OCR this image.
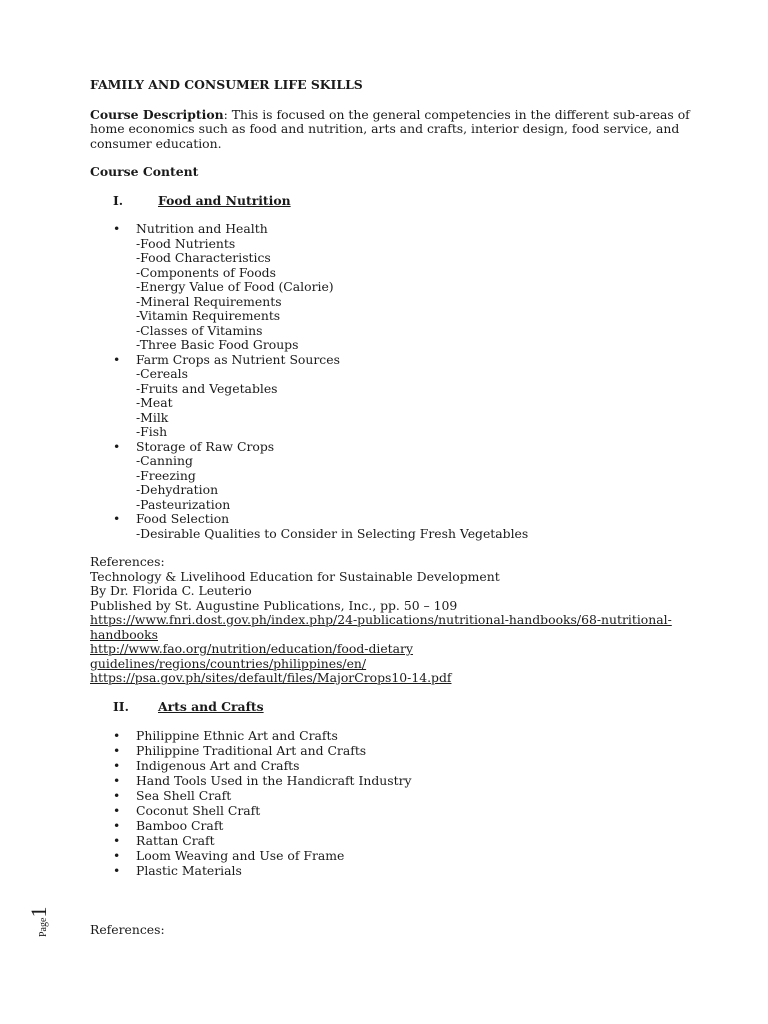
FAMILY AND CONSUMER LIFE SKILLS
Course Description: This is focused on the general competencies in the different sub-areas of home economics such as food and nutrition, arts and crafts, interior design, food service, and consumer education.
Course Content
I.	Food and Nutrition
• Nutrition and Health
-Food Nutrients
-Food Characteristics
-Components of Foods
-Energy Value of Food (Calorie)
-Mineral Requirements
-Vitamin Requirements
-Classes of Vitamins
-Three Basic Food Groups
• Farm Crops as Nutrient Sources
-Cereals
-Fruits and Vegetables
-Meat
-Milk
-Fish
• Storage of Raw Crops
-Canning
-Freezing
-Dehydration
-Pasteurization
• Food Selection
-Desirable Qualities to Consider in Selecting Fresh Vegetables
References:
Technology & Livelihood Education for Sustainable Development
By Dr. Florida C. Leuterio
Published by St. Augustine Publications, Inc., pp. 50 – 109
https://www.fnri.dost.gov.ph/index.php/24-publications/nutritional-handbooks/68-nutritional-handbooks
http://www.fao.org/nutrition/education/food-dietary guidelines/regions/countries/philippines/en/
https://psa.gov.ph/sites/default/files/MajorCrops10-14.pdf
II.	Arts and Crafts
• Philippine Ethnic Art and Crafts
• Philippine Traditional Art and Crafts
• Indigenous Art and Crafts
• Hand Tools Used in the Handicraft Industry
• Sea Shell Craft
• Coconut Shell Craft
• Bamboo Craft
• Rattan Craft
• Loom Weaving and Use of Frame
• Plastic Materials
References:
Page1
